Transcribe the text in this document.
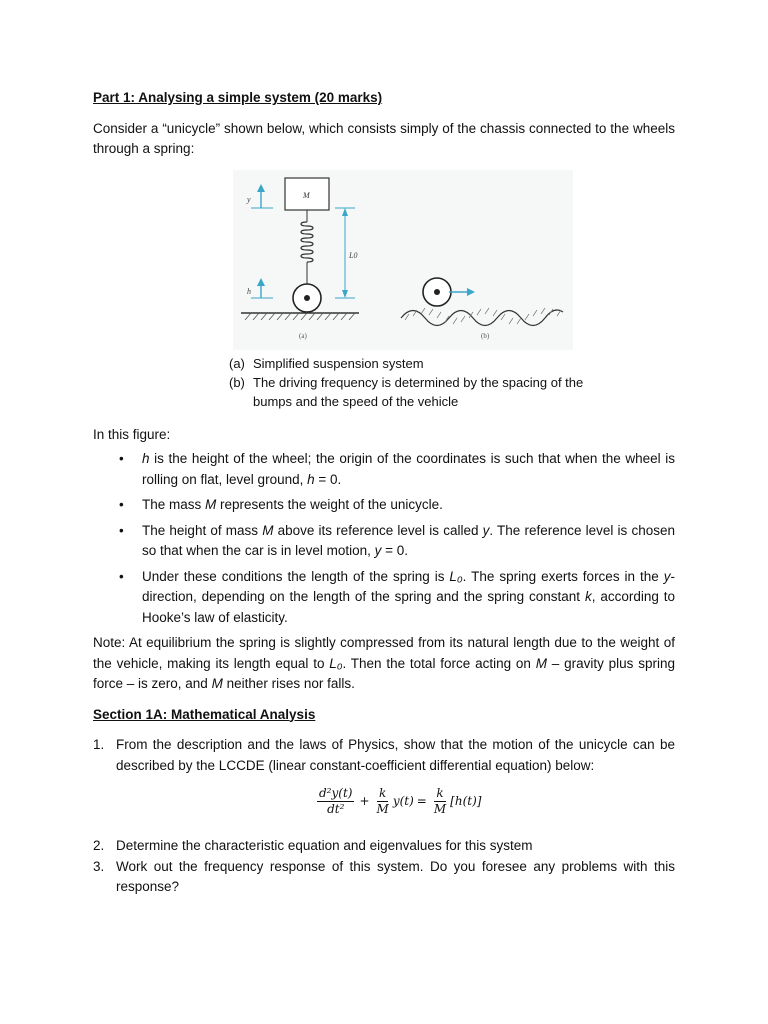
Part 1: Analysing a simple system (20 marks)

Consider a “unicycle” shown below, which consists simply of the chassis connected to the wheels through a spring:

y	M
h
L0
(a)	(b)
(a) Simplified suspension system
(b) The driving frequency is determined by the spacing of the bumps and the speed of the vehicle

In this figure:

• h is the height of the wheel; the origin of the coordinates is such that when the wheel is rolling on flat, level ground, h = 0.
• The mass M represents the weight of the unicycle.
• The height of mass M above its reference level is called y. The reference level is chosen so that when the car is in level motion, y = 0.
• Under these conditions the length of the spring is L₀. The spring exerts forces in the y-direction, depending on the length of the spring and the spring constant k, according to Hooke’s law of elasticity.

Note: At equilibrium the spring is slightly compressed from its natural length due to the weight of the vehicle, making its length equal to L₀. Then the total force acting on M – gravity plus spring force – is zero, and M neither rises nor falls.

Section 1A: Mathematical Analysis
1. From the description and the laws of Physics, show that the motion of the unicycle can be described by the LCCDE (linear constant-coefficient differential equation) below:
$\frac{\text{d²y(t)}}{\text{dt²}} + \frac{k}{M} y(t) = \frac{k}{M} [h(t)]$
2. Determine the characteristic equation and eigenvalues for this system
3. Work out the frequency response of this system. Do you foresee any problems with this response?
